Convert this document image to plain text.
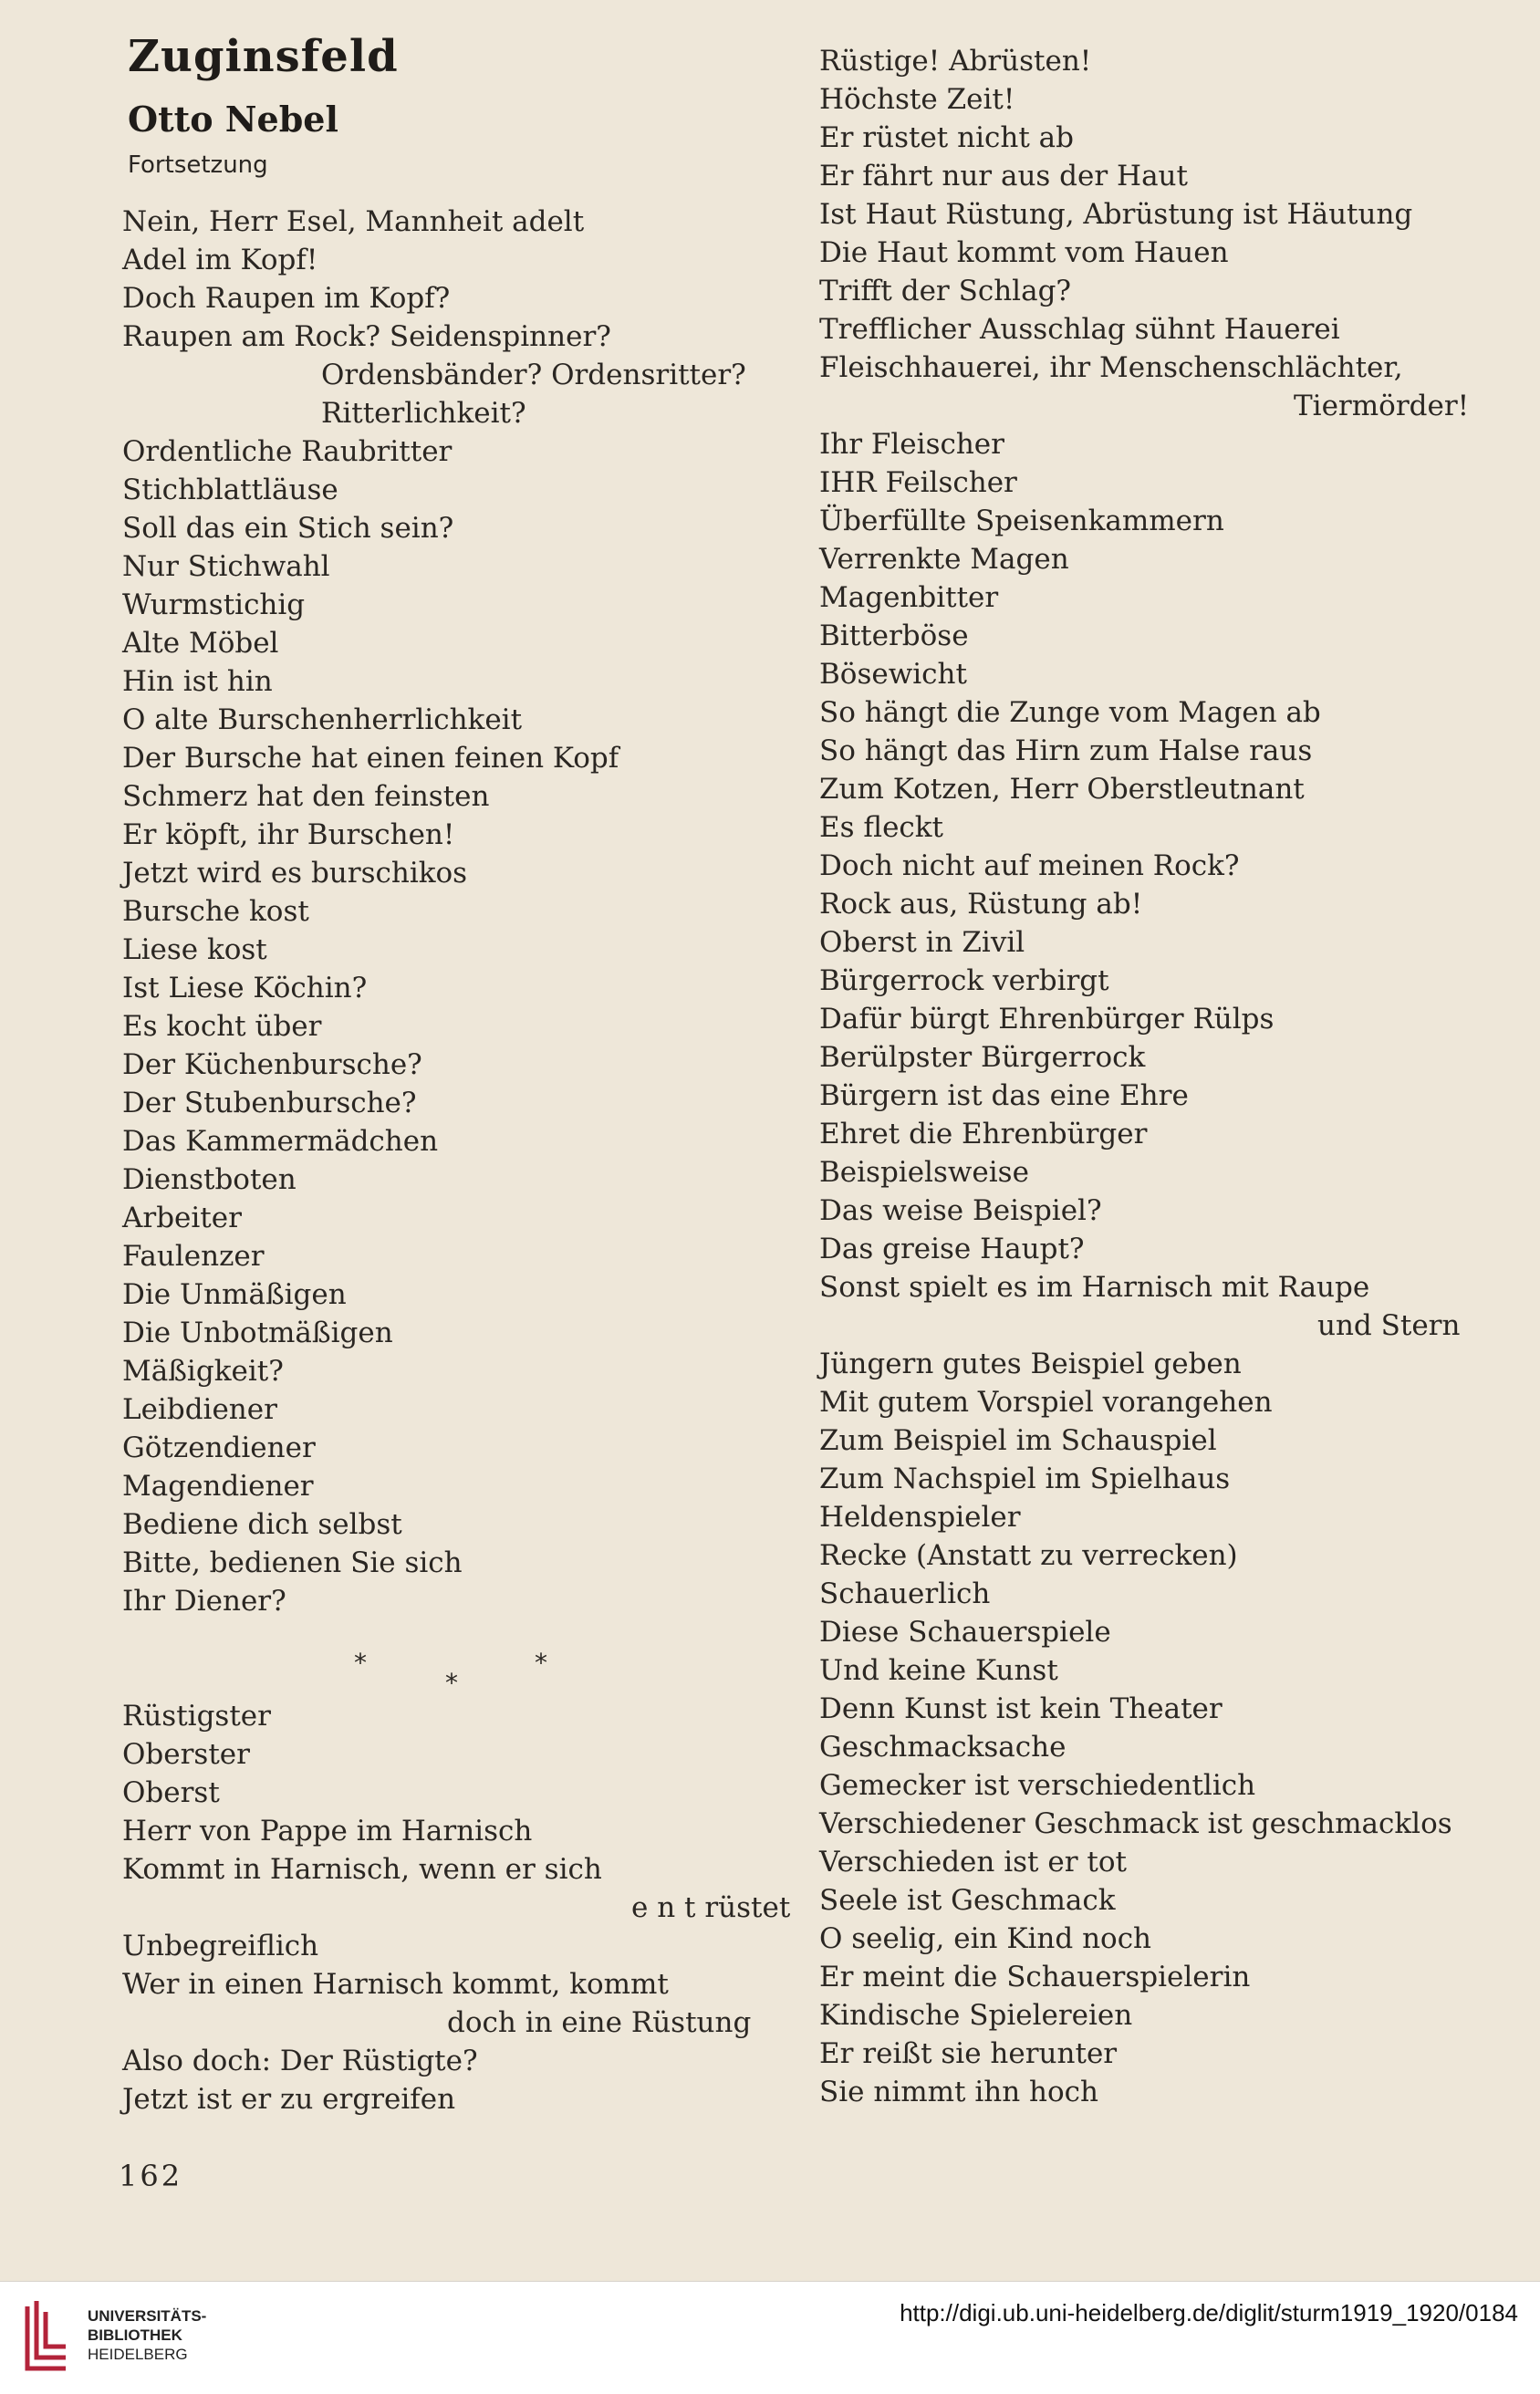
Zuginsfeld
Otto Nebel
Fortsetzung
Nein, Herr Esel, Mannheit adelt
Adel im Kopf!
Doch Raupen im Kopf?
Raupen am Rock? Seidenspinner?
Ordensbänder? Ordensritter?
Ritterlichkeit?
Ordentliche Raubritter
Stichblattläuse
Soll das ein Stich sein?
Nur Stichwahl
Wurmstichig
Alte Möbel
Hin ist hin
O alte Burschenherrlichkeit
Der Bursche hat einen feinen Kopf
Schmerz hat den feinsten
Er köpft, ihr Burschen!
Jetzt wird es burschikos
Bursche kost
Liese kost
Ist Liese Köchin?
Es kocht über
Der Küchenbursche?
Der Stubenbursche?
Das Kammermädchen
Dienstboten
Arbeiter
Faulenzer
Die Unmäßigen
Die Unbotmäßigen
Mäßigkeit?
Leibdiener
Götzendiener
Magendiener
Bediene dich selbst
Bitte, bedienen Sie sich
Ihr Diener?
Rüstigster
Oberster
Oberst
Herr von Pappe im Harnisch
Kommt in Harnisch, wenn er sich
e n t rüstet
Unbegreiflich
Wer in einen Harnisch kommt, kommt
doch in eine Rüstung
Also doch: Der Rüstigte?
Jetzt ist er zu ergreifen
*	*
*
Rüstige! Abrüsten!
Höchste Zeit!
Er rüstet nicht ab
Er fährt nur aus der Haut
Ist Haut Rüstung, Abrüstung ist Häutung
Die Haut kommt vom Hauen
Trifft der Schlag?
Trefflicher Ausschlag sühnt Hauerei
Fleischhauerei, ihr Menschenschlächter,
Tiermörder!
Ihr Fleischer
IHR Feilscher
Überfüllte Speisenkammern
Verrenkte Magen
Magenbitter
Bitterböse
Bösewicht
So hängt die Zunge vom Magen ab
So hängt das Hirn zum Halse raus
Zum Kotzen, Herr Oberstleutnant
Es fleckt
Doch nicht auf meinen Rock?
Rock aus, Rüstung ab!
Oberst in Zivil
Bürgerrock verbirgt
Dafür bürgt Ehrenbürger Rülps
Berülpster Bürgerrock
Bürgern ist das eine Ehre
Ehret die Ehrenbürger
Beispielsweise
Das weise Beispiel?
Das greise Haupt?
Sonst spielt es im Harnisch mit Raupe
und Stern
Jüngern gutes Beispiel geben
Mit gutem Vorspiel vorangehen
Zum Beispiel im Schauspiel
Zum Nachspiel im Spielhaus
Heldenspieler
Recke (Anstatt zu verrecken)
Schauerlich
Diese Schauerspiele
Und keine Kunst
Denn Kunst ist kein Theater
Geschmacksache
Gemecker ist verschiedentlich
Verschiedener Geschmack ist geschmacklos
Verschieden ist er tot
Seele ist Geschmack
O seelig, ein Kind noch
Er meint die Schauerspielerin
Kindische Spielereien
Er reißt sie herunter
Sie nimmt ihn hoch
162
UNIVERSITÄTS-
BIBLIOTHEK
HEIDELBERG
http://digi.ub.uni-heidelberg.de/diglit/sturm1919_1920/0184
